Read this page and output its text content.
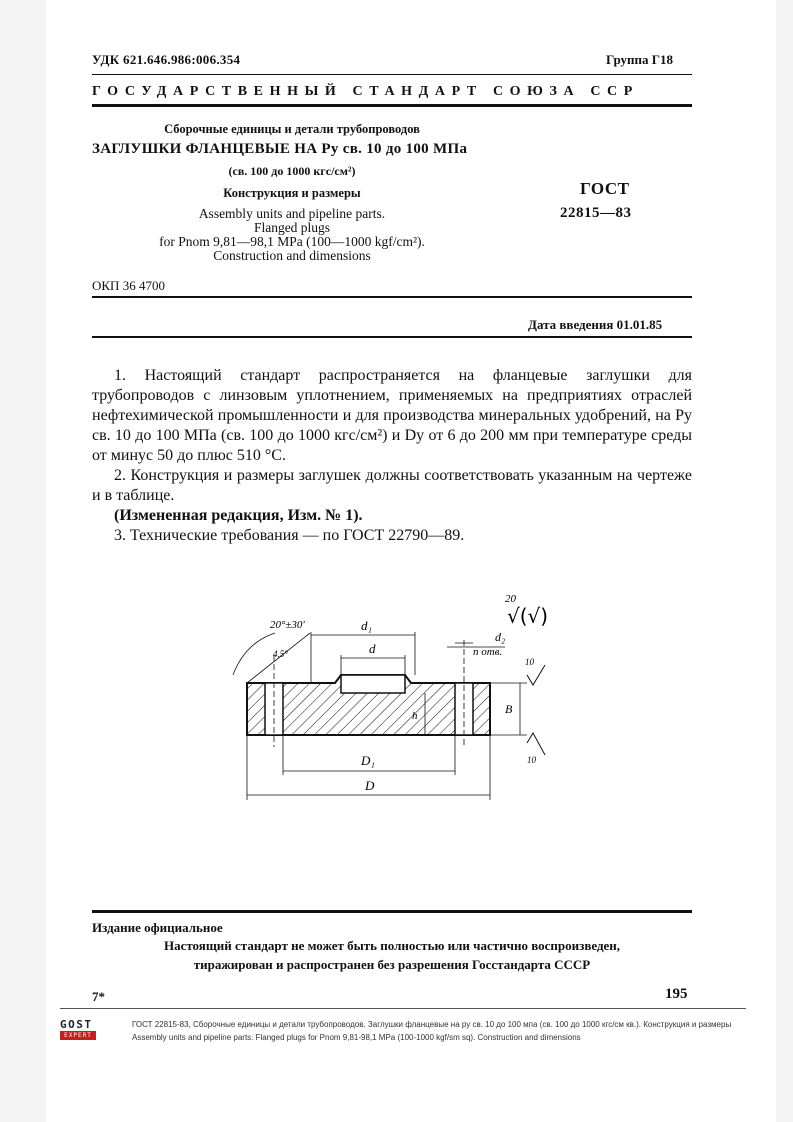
УДК 621.646.986:006.354	Группа Г18
ГОСУДАРСТВЕННЫЙ СТАНДАРТ СОЮЗА ССР
Сборочные единицы и детали трубопроводов
ЗАГЛУШКИ ФЛАНЦЕВЫЕ НА Pу св. 10 до 100 МПа
(св. 100 до 1000 кгс/см²)
Конструкция и размеры
Assembly units and pipeline parts.
Flanged plugs
for Pnom 9,81—98,1 MPa (100—1000 kgf/cm²).
Construction and dimensions
ГОСТ
22815—83
ОКП 36 4700
Дата введения 01.01.85

1. Настоящий стандарт распространяется на фланцевые заглушки для трубопроводов с линзовым уплотнением, применяемых на предприятиях отраслей нефтехимической промышленности и для производства минеральных удобрений, на Pу св. 10 до 100 МПа (св. 100 до 1000 кгс/см²) и Dу от 6 до 200 мм при температуре среды от минус 50 до плюс 510 °С.

2. Конструкция и размеры заглушек должны соответствовать указанным на чертеже и в таблице.

(Измененная редакция, Изм. № 1).

3. Технические требования — по ГОСТ 22790—89.

d₁
d
d₂
n отв.
20°±30'
4,5°
h	B
10
10
D₁
D
20
√(√)
Издание официальное
Настоящий стандарт не может быть полностью или частично воспроизведен,
тиражирован и распространен без разрешения Госстандарта СССР
7*	195
GOST
EXPERT
ГОСТ 22815-83, Сборочные единицы и детали трубопроводов. Заглушки фланцевые на ру св. 10 до 100 мпа (св. 100 до 1000 кгс/см кв.). Конструкция и размеры
Assembly units and pipeline parts. Flanged plugs for Pnom 9,81-98,1 MPa (100-1000 kgf/sm sq). Construction and dimensions
